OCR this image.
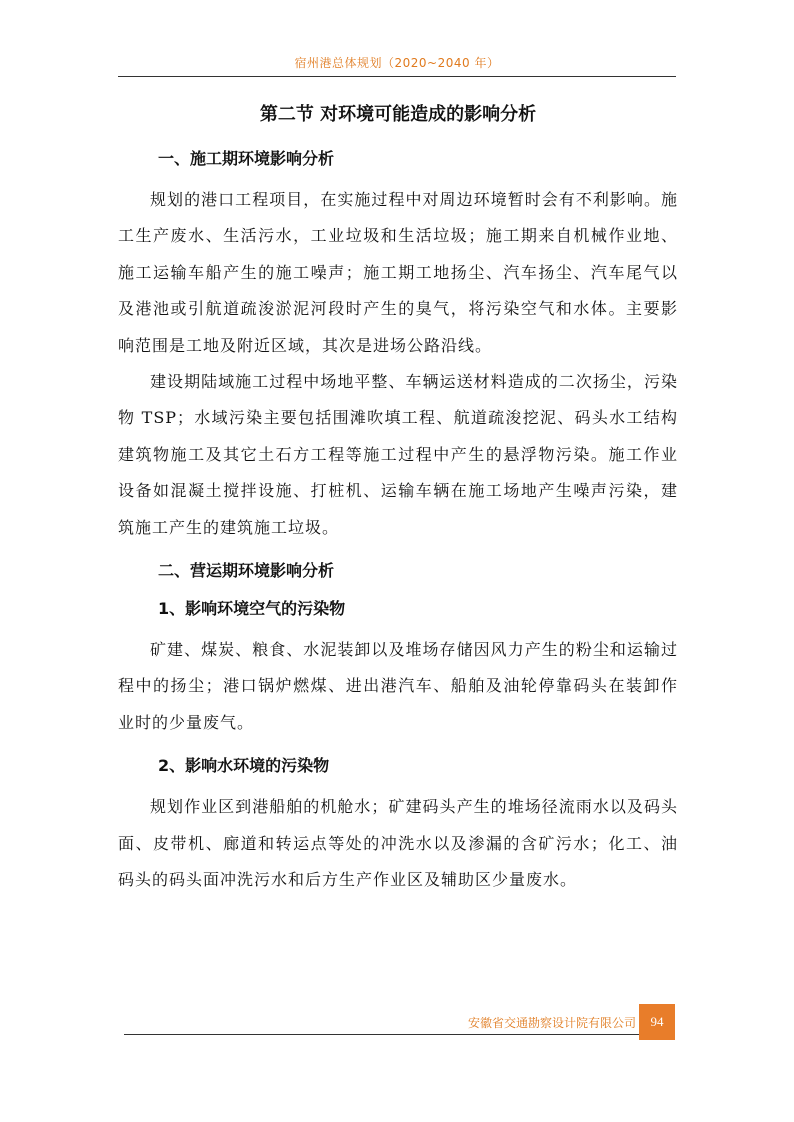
宿州港总体规划（2020~2040 年）
第二节 对环境可能造成的影响分析
一、施工期环境影响分析

规划的港口工程项目，在实施过程中对周边环境暂时会有不利影响。施工生产废水、生活污水，工业垃圾和生活垃圾；施工期来自机械作业地、施工运输车船产生的施工噪声；施工期工地扬尘、汽车扬尘、汽车尾气以及港池或引航道疏浚淤泥河段时产生的臭气，将污染空气和水体。主要影响范围是工地及附近区域，其次是进场公路沿线。

建设期陆域施工过程中场地平整、车辆运送材料造成的二次扬尘，污染物 TSP；水域污染主要包括围滩吹填工程、航道疏浚挖泥、码头水工结构建筑物施工及其它土石方工程等施工过程中产生的悬浮物污染。施工作业设备如混凝土搅拌设施、打桩机、运输车辆在施工场地产生噪声污染，建筑施工产生的建筑施工垃圾。

二、营运期环境影响分析
1、影响环境空气的污染物

矿建、煤炭、粮食、水泥装卸以及堆场存储因风力产生的粉尘和运输过程中的扬尘；港口锅炉燃煤、进出港汽车、船舶及油轮停靠码头在装卸作业时的少量废气。

2、影响水环境的污染物

规划作业区到港船舶的机舱水；矿建码头产生的堆场径流雨水以及码头面、皮带机、廊道和转运点等处的冲洗水以及渗漏的含矿污水；化工、油码头的码头面冲洗污水和后方生产作业区及辅助区少量废水。

安徽省交通勘察设计院有限公司	94
